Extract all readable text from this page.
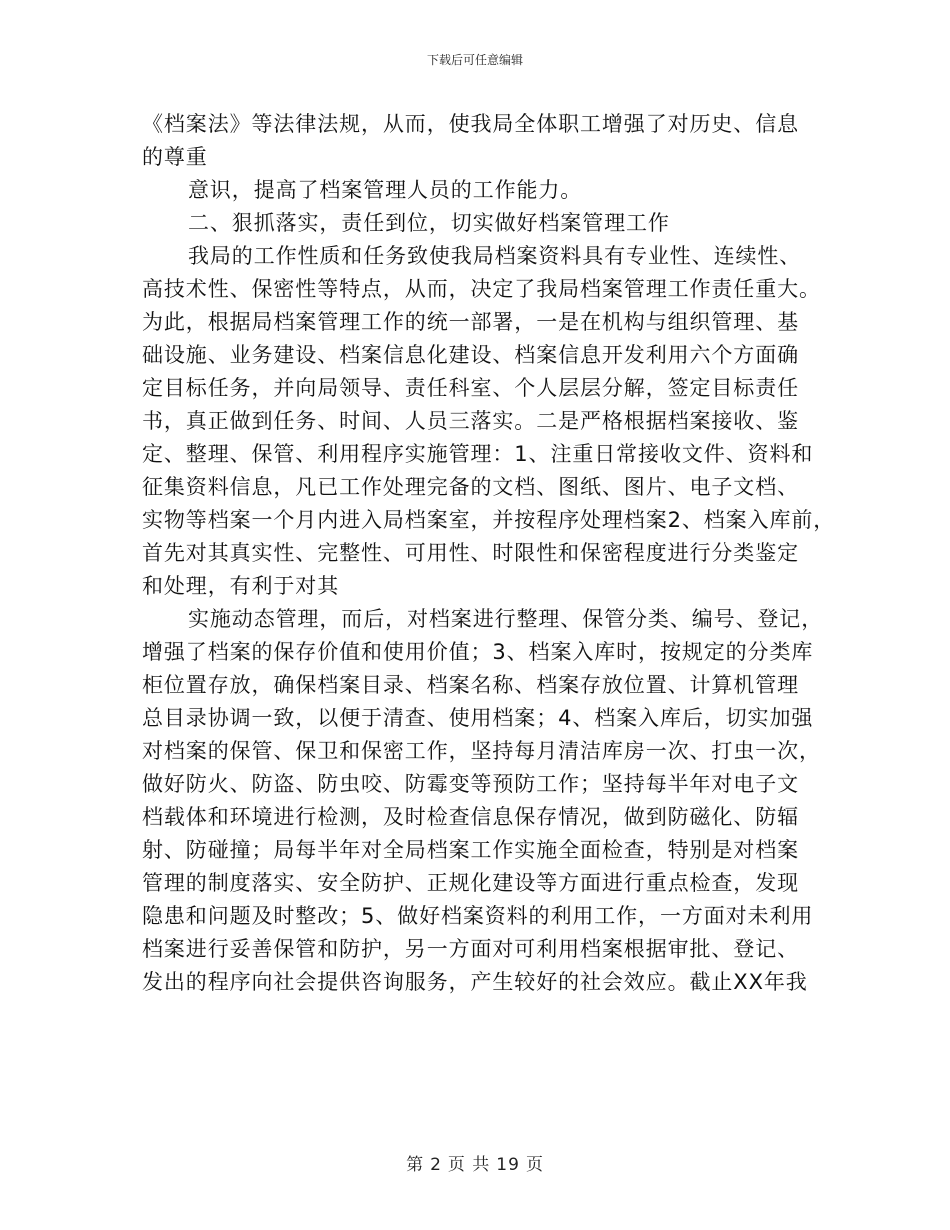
下载后可任意编辑
《档案法》等法律法规，从而，使我局全体职工增强了对历史、信息
的尊重
意识，提高了档案管理人员的工作能力。
二、狠抓落实，责任到位，切实做好档案管理工作
我局的工作性质和任务致使我局档案资料具有专业性、连续性、
高技术性、保密性等特点，从而，决定了我局档案管理工作责任重大。
为此，根据局档案管理工作的统一部署，一是在机构与组织管理、基
础设施、业务建设、档案信息化建设、档案信息开发利用六个方面确
定目标任务，并向局领导、责任科室、个人层层分解，签定目标责任
书，真正做到任务、时间、人员三落实。二是严格根据档案接收、鉴
定、整理、保管、利用程序实施管理：1、注重日常接收文件、资料和
征集资料信息，凡已工作处理完备的文档、图纸、图片、电子文档、
实物等档案一个月内进入局档案室，并按程序处理档案2、档案入库前，
首先对其真实性、完整性、可用性、时限性和保密程度进行分类鉴定
和处理，有利于对其
实施动态管理，而后，对档案进行整理、保管分类、编号、登记，
增强了档案的保存价值和使用价值；3、档案入库时，按规定的分类库
柜位置存放，确保档案目录、档案名称、档案存放位置、计算机管理
总目录协调一致，以便于清查、使用档案；4、档案入库后，切实加强
对档案的保管、保卫和保密工作，坚持每月清洁库房一次、打虫一次，
做好防火、防盗、防虫咬、防霉变等预防工作；坚持每半年对电子文
档载体和环境进行检测，及时检查信息保存情况，做到防磁化、防辐
射、防碰撞；局每半年对全局档案工作实施全面检查，特别是对档案
管理的制度落实、安全防护、正规化建设等方面进行重点检查，发现
隐患和问题及时整改；5、做好档案资料的利用工作，一方面对未利用
档案进行妥善保管和防护，另一方面对可利用档案根据审批、登记、
发出的程序向社会提供咨询服务，产生较好的社会效应。截止XX年我
第 2 页 共 19 页
